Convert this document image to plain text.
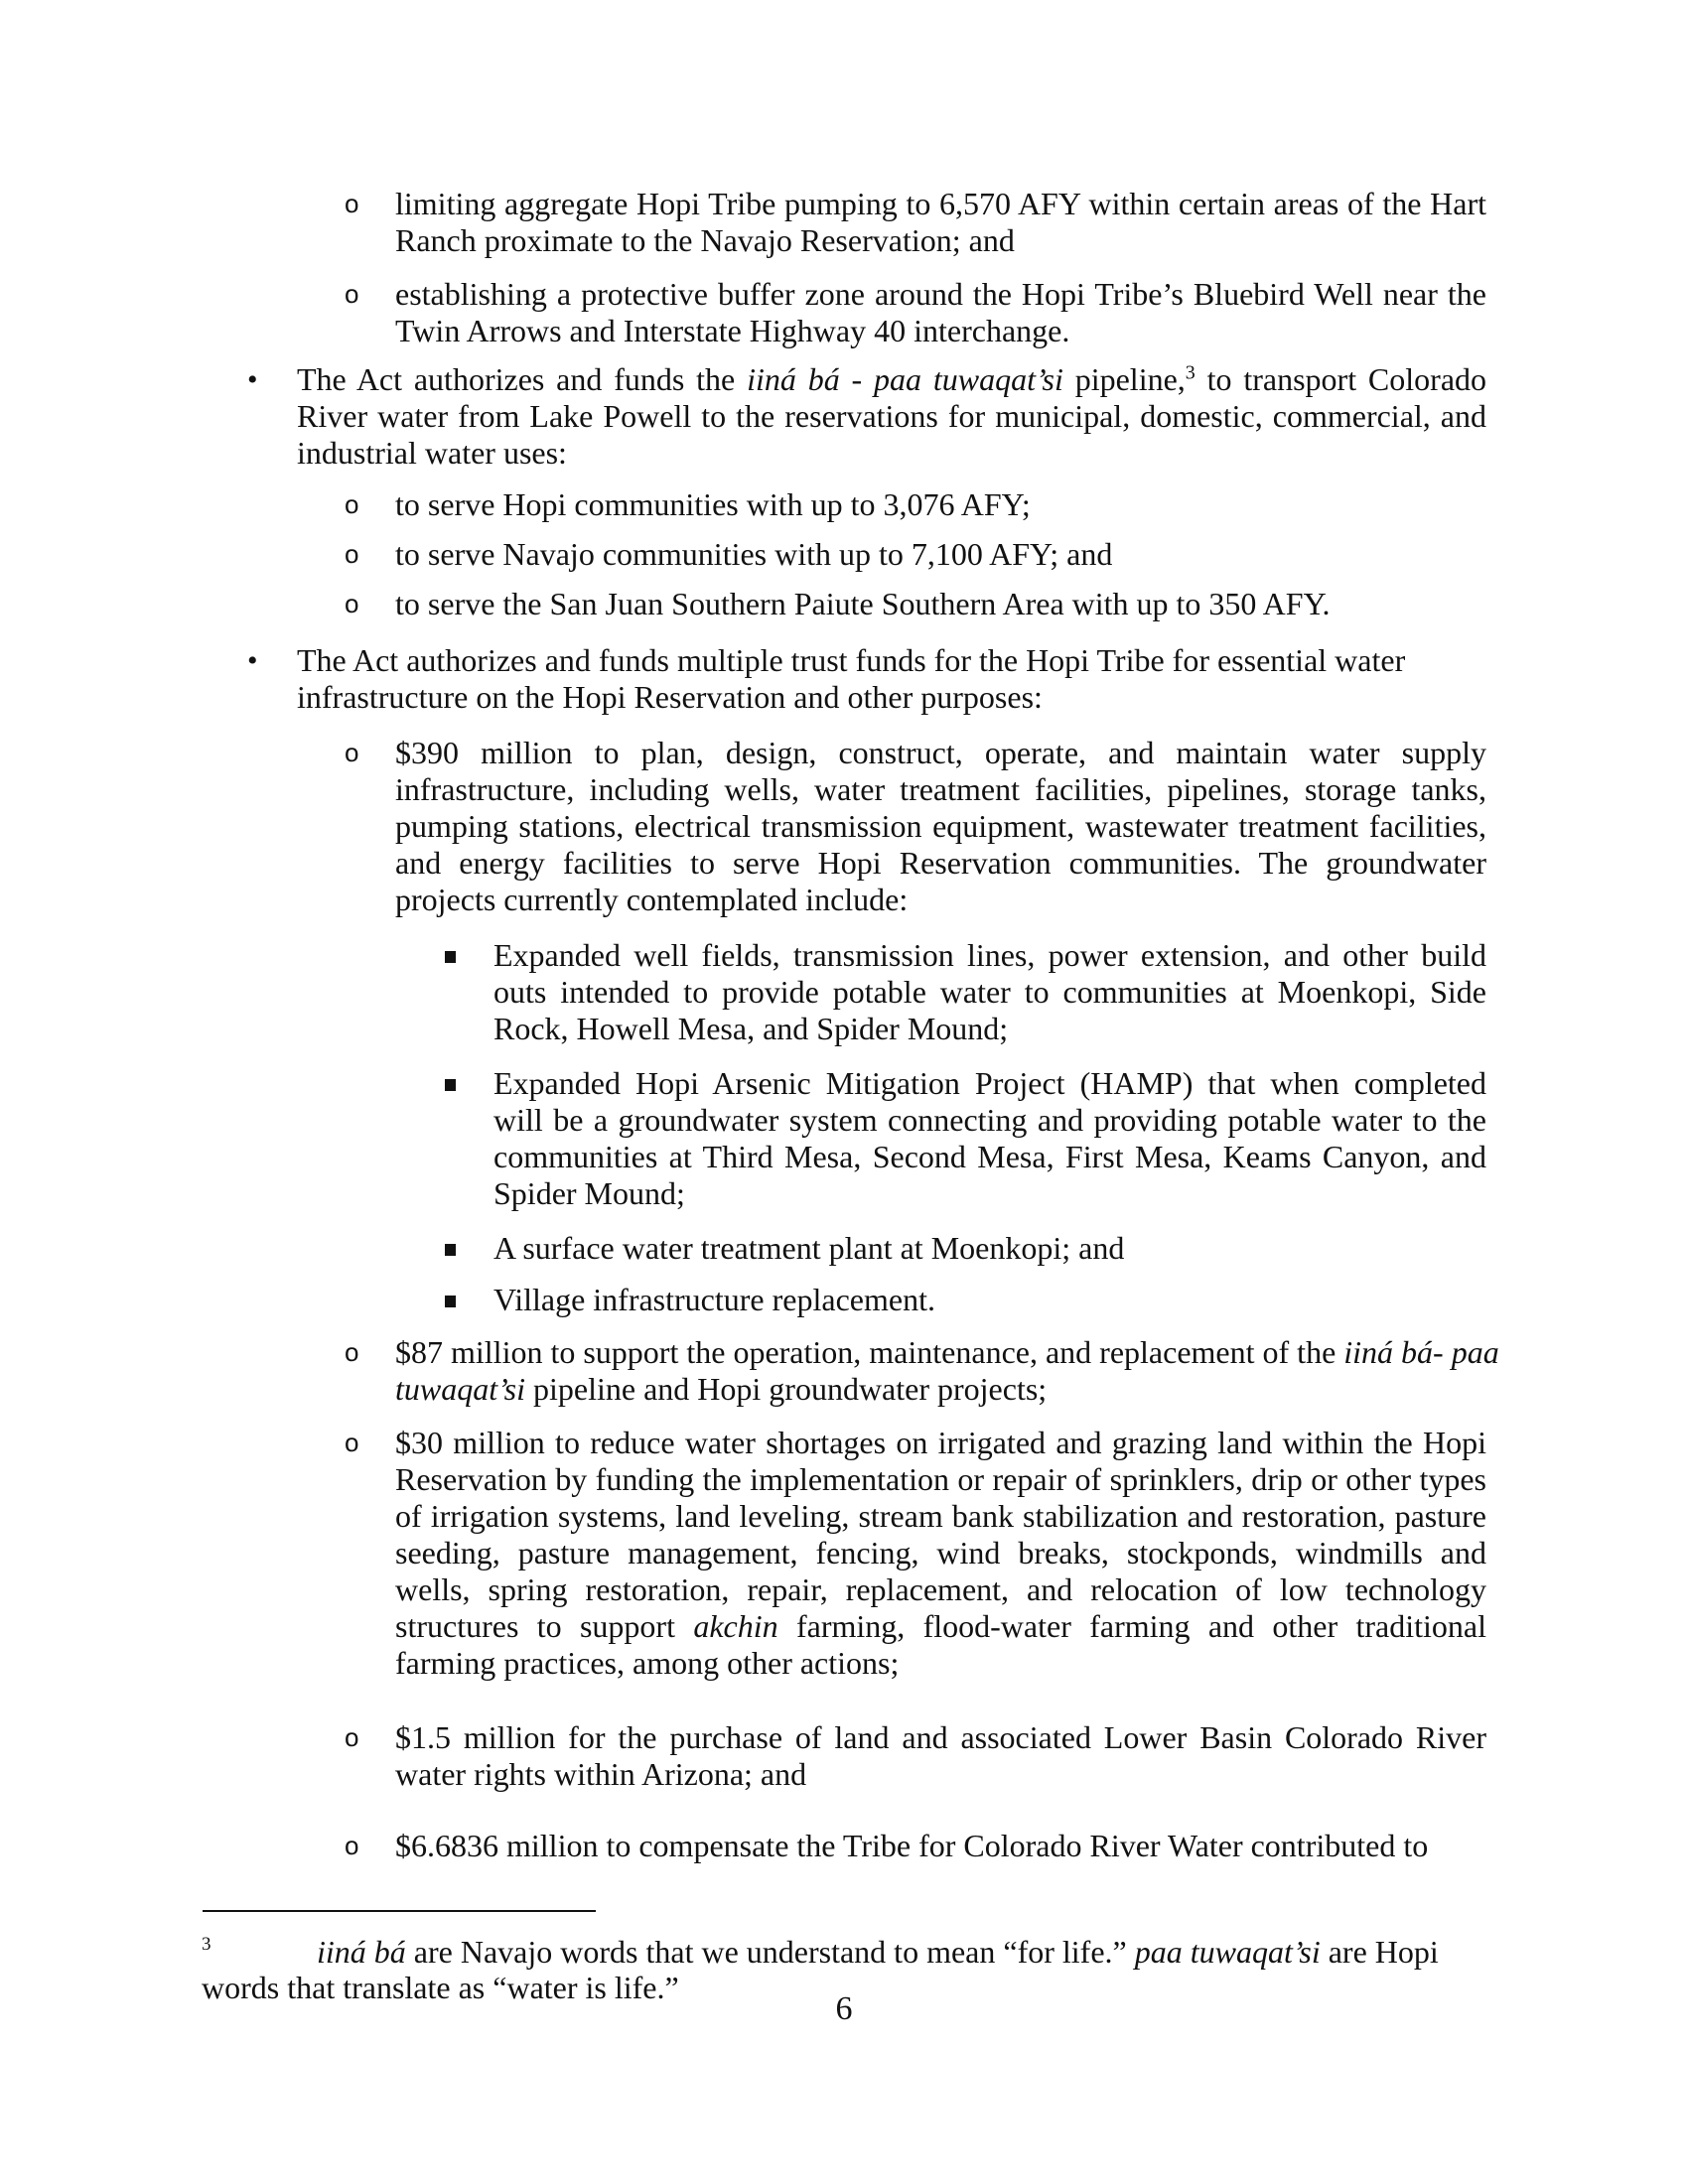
o limiting aggregate Hopi Tribe pumping to 6,570 AFY within certain areas of the Hart Ranch proximate to the Navajo Reservation; and
o establishing a protective buffer zone around the Hopi Tribe’s Bluebird Well near the Twin Arrows and Interstate Highway 40 interchange.
• The Act authorizes and funds the iiná bá - paa tuwaqat’si pipeline,$^3$ to transport Colorado River water from Lake Powell to the reservations for municipal, domestic, commercial, and industrial water uses:
o to serve Hopi communities with up to 3,076 AFY;
o to serve Navajo communities with up to 7,100 AFY; and
o to serve the San Juan Southern Paiute Southern Area with up to 350 AFY.
• The Act authorizes and funds multiple trust funds for the Hopi Tribe for essential water infrastructure on the Hopi Reservation and other purposes:
o $390 million to plan, design, construct, operate, and maintain water supply infrastructure, including wells, water treatment facilities, pipelines, storage tanks, pumping stations, electrical transmission equipment, wastewater treatment facilities, and energy facilities to serve Hopi Reservation communities. The groundwater projects currently contemplated include:
Expanded well fields, transmission lines, power extension, and other build outs intended to provide potable water to communities at Moenkopi, Side Rock, Howell Mesa, and Spider Mound;
Expanded Hopi Arsenic Mitigation Project (HAMP) that when completed will be a groundwater system connecting and providing potable water to the communities at Third Mesa, Second Mesa, First Mesa, Keams Canyon, and Spider Mound;
A surface water treatment plant at Moenkopi; and
Village infrastructure replacement.
o $87 million to support the operation, maintenance, and replacement of the iiná bá- paa tuwaqat’si pipeline and Hopi groundwater projects;
o $30 million to reduce water shortages on irrigated and grazing land within the Hopi Reservation by funding the implementation or repair of sprinklers, drip or other types of irrigation systems, land leveling, stream bank stabilization and restoration, pasture seeding, pasture management, fencing, wind breaks, stockponds, windmills and wells, spring restoration, repair, replacement, and relocation of low technology structures to support akchin farming, flood-water farming and other traditional farming practices, among other actions;
o $1.5 million for the purchase of land and associated Lower Basin Colorado River water rights within Arizona; and
o $6.6836 million to compensate the Tribe for Colorado River Water contributed to
3	iiná bá are Navajo words that we understand to mean “for life.” paa tuwaqat’si are Hopi words that translate as “water is life.”
6
